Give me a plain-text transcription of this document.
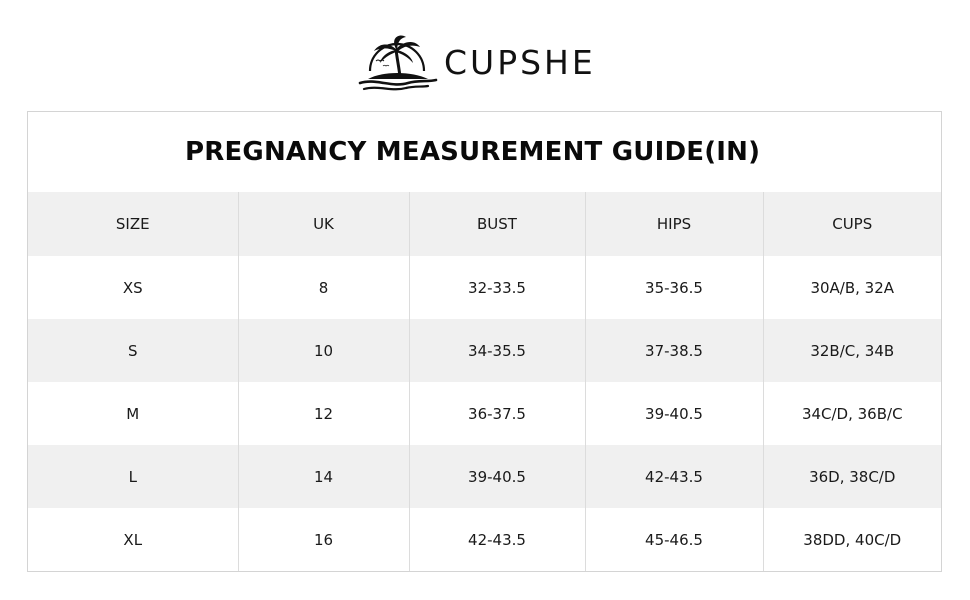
CUPSHE
PREGNANCY MEASUREMENT GUIDE(IN)
SIZE	UK	BUST	HIPS	CUPS
XS	8	32-33.5	35-36.5	30A/B, 32A
S	10	34-35.5	37-38.5	32B/C, 34B
M	12	36-37.5	39-40.5	34C/D, 36B/C
L	14	39-40.5	42-43.5	36D, 38C/D
XL	16	42-43.5	45-46.5	38DD, 40C/D
